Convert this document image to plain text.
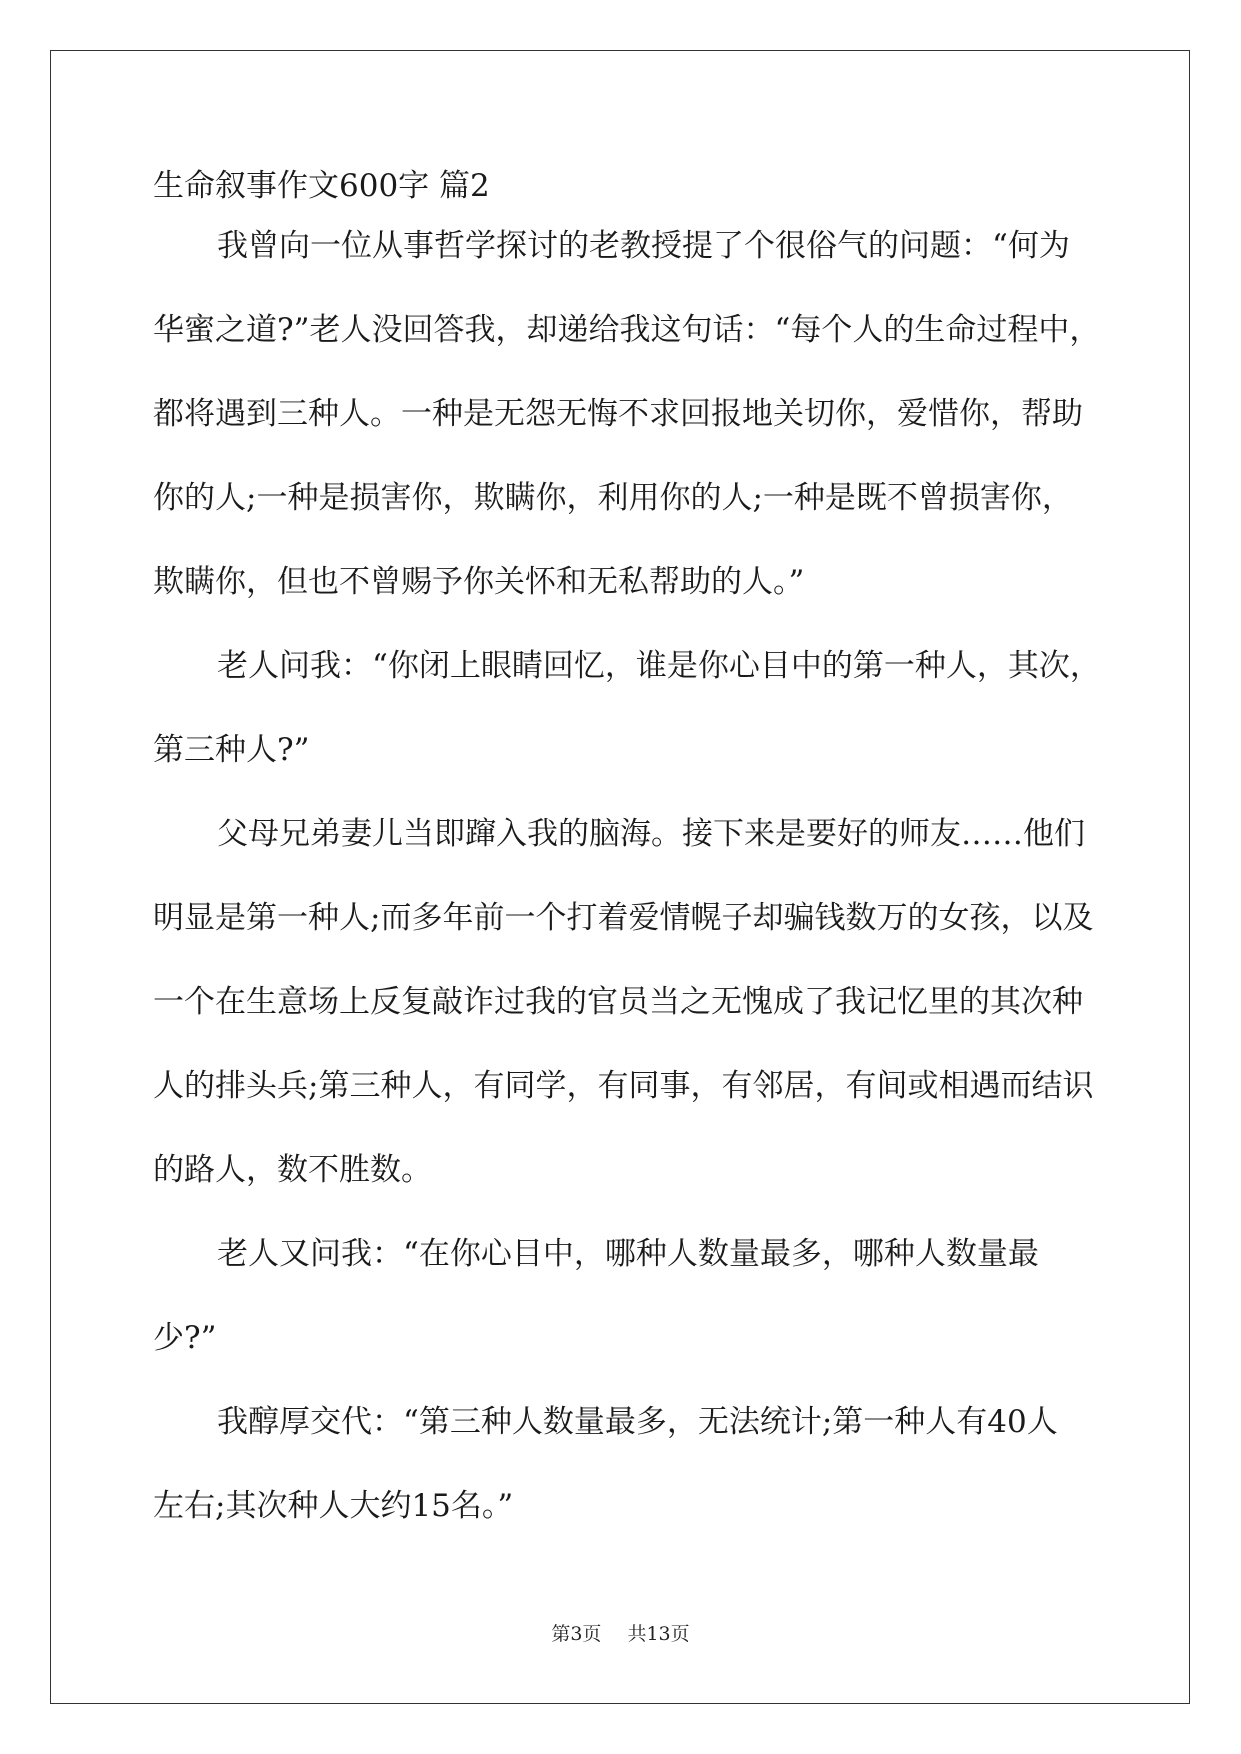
生命叙事作文600字 篇2
我曾向一位从事哲学探讨的老教授提了个很俗气的问题：“何为
华蜜之道?”老人没回答我，却递给我这句话：“每个人的生命过程中，
都将遇到三种人。一种是无怨无悔不求回报地关切你，爱惜你，帮助
你的人;一种是损害你，欺瞒你，利用你的人;一种是既不曾损害你，
欺瞒你，但也不曾赐予你关怀和无私帮助的人。”
老人问我：“你闭上眼睛回忆，谁是你心目中的第一种人，其次，
第三种人?”
父母兄弟妻儿当即蹿入我的脑海。接下来是要好的师友……他们
明显是第一种人;而多年前一个打着爱情幌子却骗钱数万的女孩，以及
一个在生意场上反复敲诈过我的官员当之无愧成了我记忆里的其次种
人的排头兵;第三种人，有同学，有同事，有邻居，有间或相遇而结识
的路人，数不胜数。
老人又问我：“在你心目中，哪种人数量最多，哪种人数量最
少?”
我醇厚交代：“第三种人数量最多，无法统计;第一种人有40人
左右;其次种人大约15名。”
第3页 共13页
